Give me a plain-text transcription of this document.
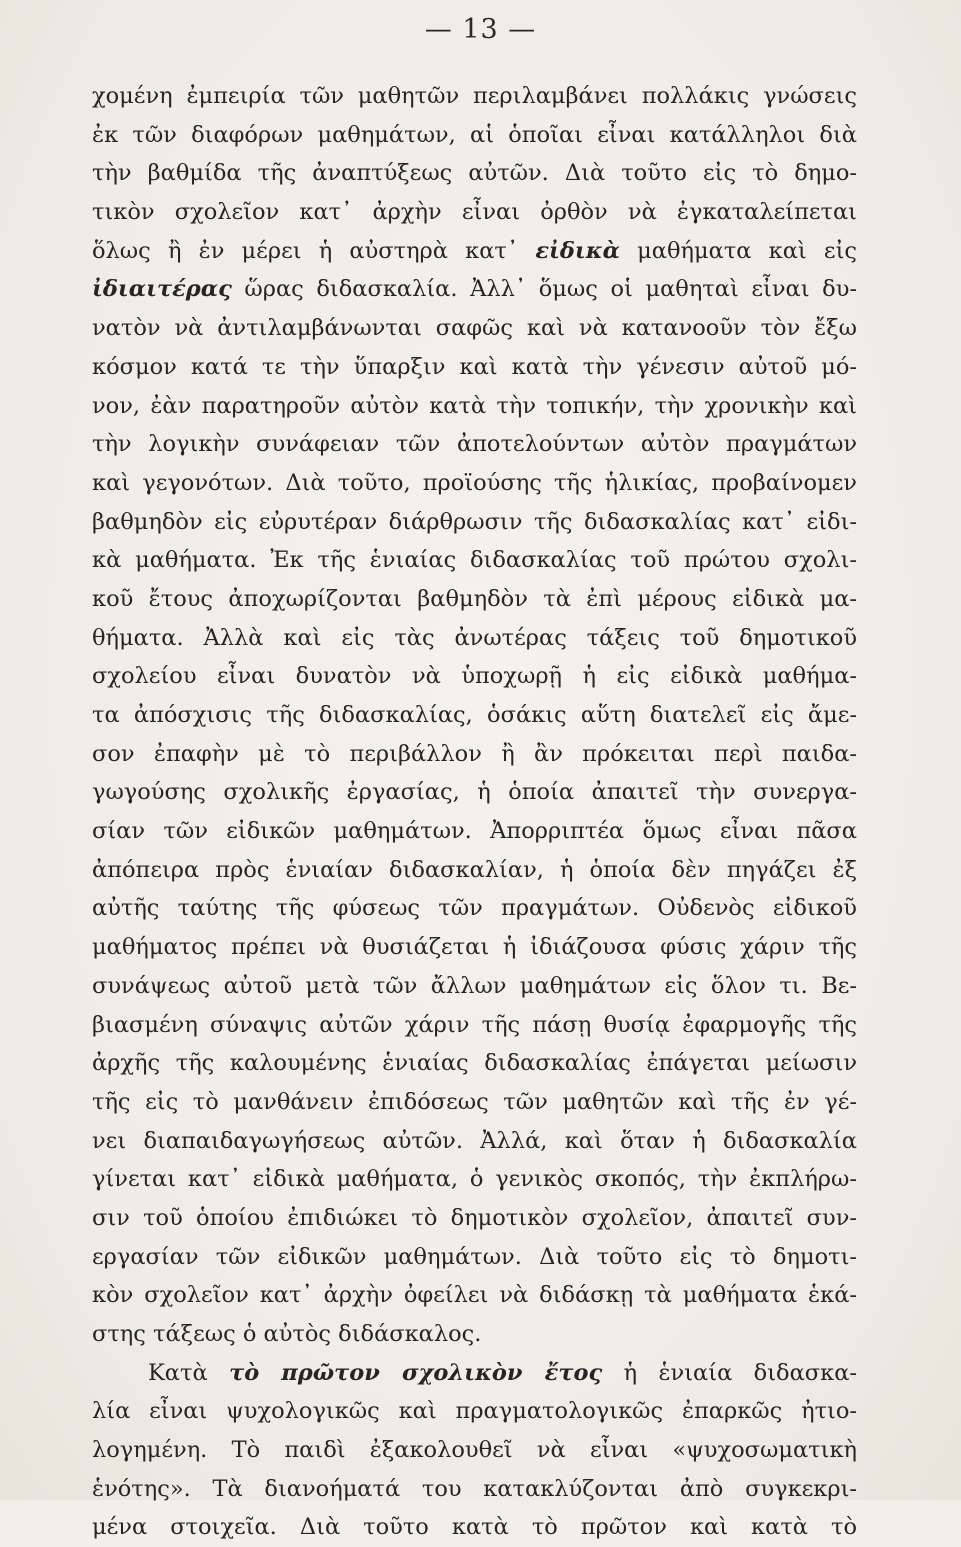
— 13 —
χομένη ἐμπειρία τῶν μαθητῶν περιλαμβάνει πολλάκις γνώσεις
ἐκ τῶν διαφόρων μαθημάτων, αἱ ὁποῖαι εἶναι κατάλληλοι διὰ
τὴν βαθμίδα τῆς ἀναπτύξεως αὐτῶν. Διὰ τοῦτο εἰς τὸ δημο-
τικὸν σχολεῖον κατ᾽ ἀρχὴν εἶναι ὀρθὸν νὰ ἐγκαταλείπεται
ὅλως ἢ ἐν μέρει ἡ αὐστηρὰ κατ᾽ εἰδικὰ μαθήματα καὶ εἰς
ἰδιαιτέρας ὥρας διδασκαλία. Ἀλλ᾽ ὅμως οἱ μαθηταὶ εἶναι δυ-
νατὸν νὰ ἀντιλαμβάνωνται σαφῶς καὶ νὰ κατανοοῦν τὸν ἔξω
κόσμον κατά τε τὴν ὕπαρξιν καὶ κατὰ τὴν γένεσιν αὐτοῦ μό-
νον, ἐὰν παρατηροῦν αὐτὸν κατὰ τὴν τοπικήν, τὴν χρονικὴν καὶ
τὴν λογικὴν συνάφειαν τῶν ἀποτελούντων αὐτὸν πραγμάτων
καὶ γεγονότων. Διὰ τοῦτο, προϊούσης τῆς ἡλικίας, προβαίνομεν
βαθμηδὸν εἰς εὐρυτέραν διάρθρωσιν τῆς διδασκαλίας κατ᾽ εἰδι-
κὰ μαθήματα. Ἐκ τῆς ἑνιαίας διδασκαλίας τοῦ πρώτου σχολι-
κοῦ ἔτους ἀποχωρίζονται βαθμηδὸν τὰ ἐπὶ μέρους εἰδικὰ μα-
θήματα. Ἀλλὰ καὶ εἰς τὰς ἀνωτέρας τάξεις τοῦ δημοτικοῦ
σχολείου εἶναι δυνατὸν νὰ ὑποχωρῇ ἡ εἰς εἰδικὰ μαθήμα-
τα ἀπόσχισις τῆς διδασκαλίας, ὁσάκις αὕτη διατελεῖ εἰς ἄμε-
σον ἐπαφὴν μὲ τὸ περιβάλλον ἢ ἂν πρόκειται περὶ παιδα-
γωγούσης σχολικῆς ἐργασίας, ἡ ὁποία ἀπαιτεῖ τὴν συνεργα-
σίαν τῶν εἰδικῶν μαθημάτων. Ἀπορριπτέα ὅμως εἶναι πᾶσα
ἀπόπειρα πρὸς ἑνιαίαν διδασκαλίαν, ἡ ὁποία δὲν πηγάζει ἐξ
αὐτῆς ταύτης τῆς φύσεως τῶν πραγμάτων. Οὐδενὸς εἰδικοῦ
μαθήματος πρέπει νὰ θυσιάζεται ἡ ἰδιάζουσα φύσις χάριν τῆς
συνάψεως αὐτοῦ μετὰ τῶν ἄλλων μαθημάτων εἰς ὅλον τι. Βε-
βιασμένη σύναψις αὐτῶν χάριν τῆς πάσῃ θυσίᾳ ἐφαρμογῆς τῆς
ἀρχῆς τῆς καλουμένης ἑνιαίας διδασκαλίας ἐπάγεται μείωσιν
τῆς εἰς τὸ μανθάνειν ἐπιδόσεως τῶν μαθητῶν καὶ τῆς ἐν γέ-
νει διαπαιδαγωγήσεως αὐτῶν. Ἀλλά, καὶ ὅταν ἡ διδασκαλία
γίνεται κατ᾽ εἰδικὰ μαθήματα, ὁ γενικὸς σκοπός, τὴν ἐκπλήρω-
σιν τοῦ ὁποίου ἐπιδιώκει τὸ δημοτικὸν σχολεῖον, ἀπαιτεῖ συν-
εργασίαν τῶν εἰδικῶν μαθημάτων. Διὰ τοῦτο εἰς τὸ δημοτι-
κὸν σχολεῖον κατ᾽ ἀρχὴν ὀφείλει νὰ διδάσκῃ τὰ μαθήματα ἑκά-
στης τάξεως ὁ αὐτὸς διδάσκαλος.
Κατὰ τὸ πρῶτον σχολικὸν ἔτος ἡ ἑνιαία διδασκα-
λία εἶναι ψυχολογικῶς καὶ πραγματολογικῶς ἐπαρκῶς ἠτιο-
λογημένη. Τὸ παιδὶ ἐξακολουθεῖ νὰ εἶναι «ψυχοσωματικὴ
ἑνότης». Τὰ διανοήματά του κατακλύζονται ἀπὸ συγκεκρι-
μένα στοιχεῖα. Διὰ τοῦτο κατὰ τὸ πρῶτον καὶ κατὰ τὸ
